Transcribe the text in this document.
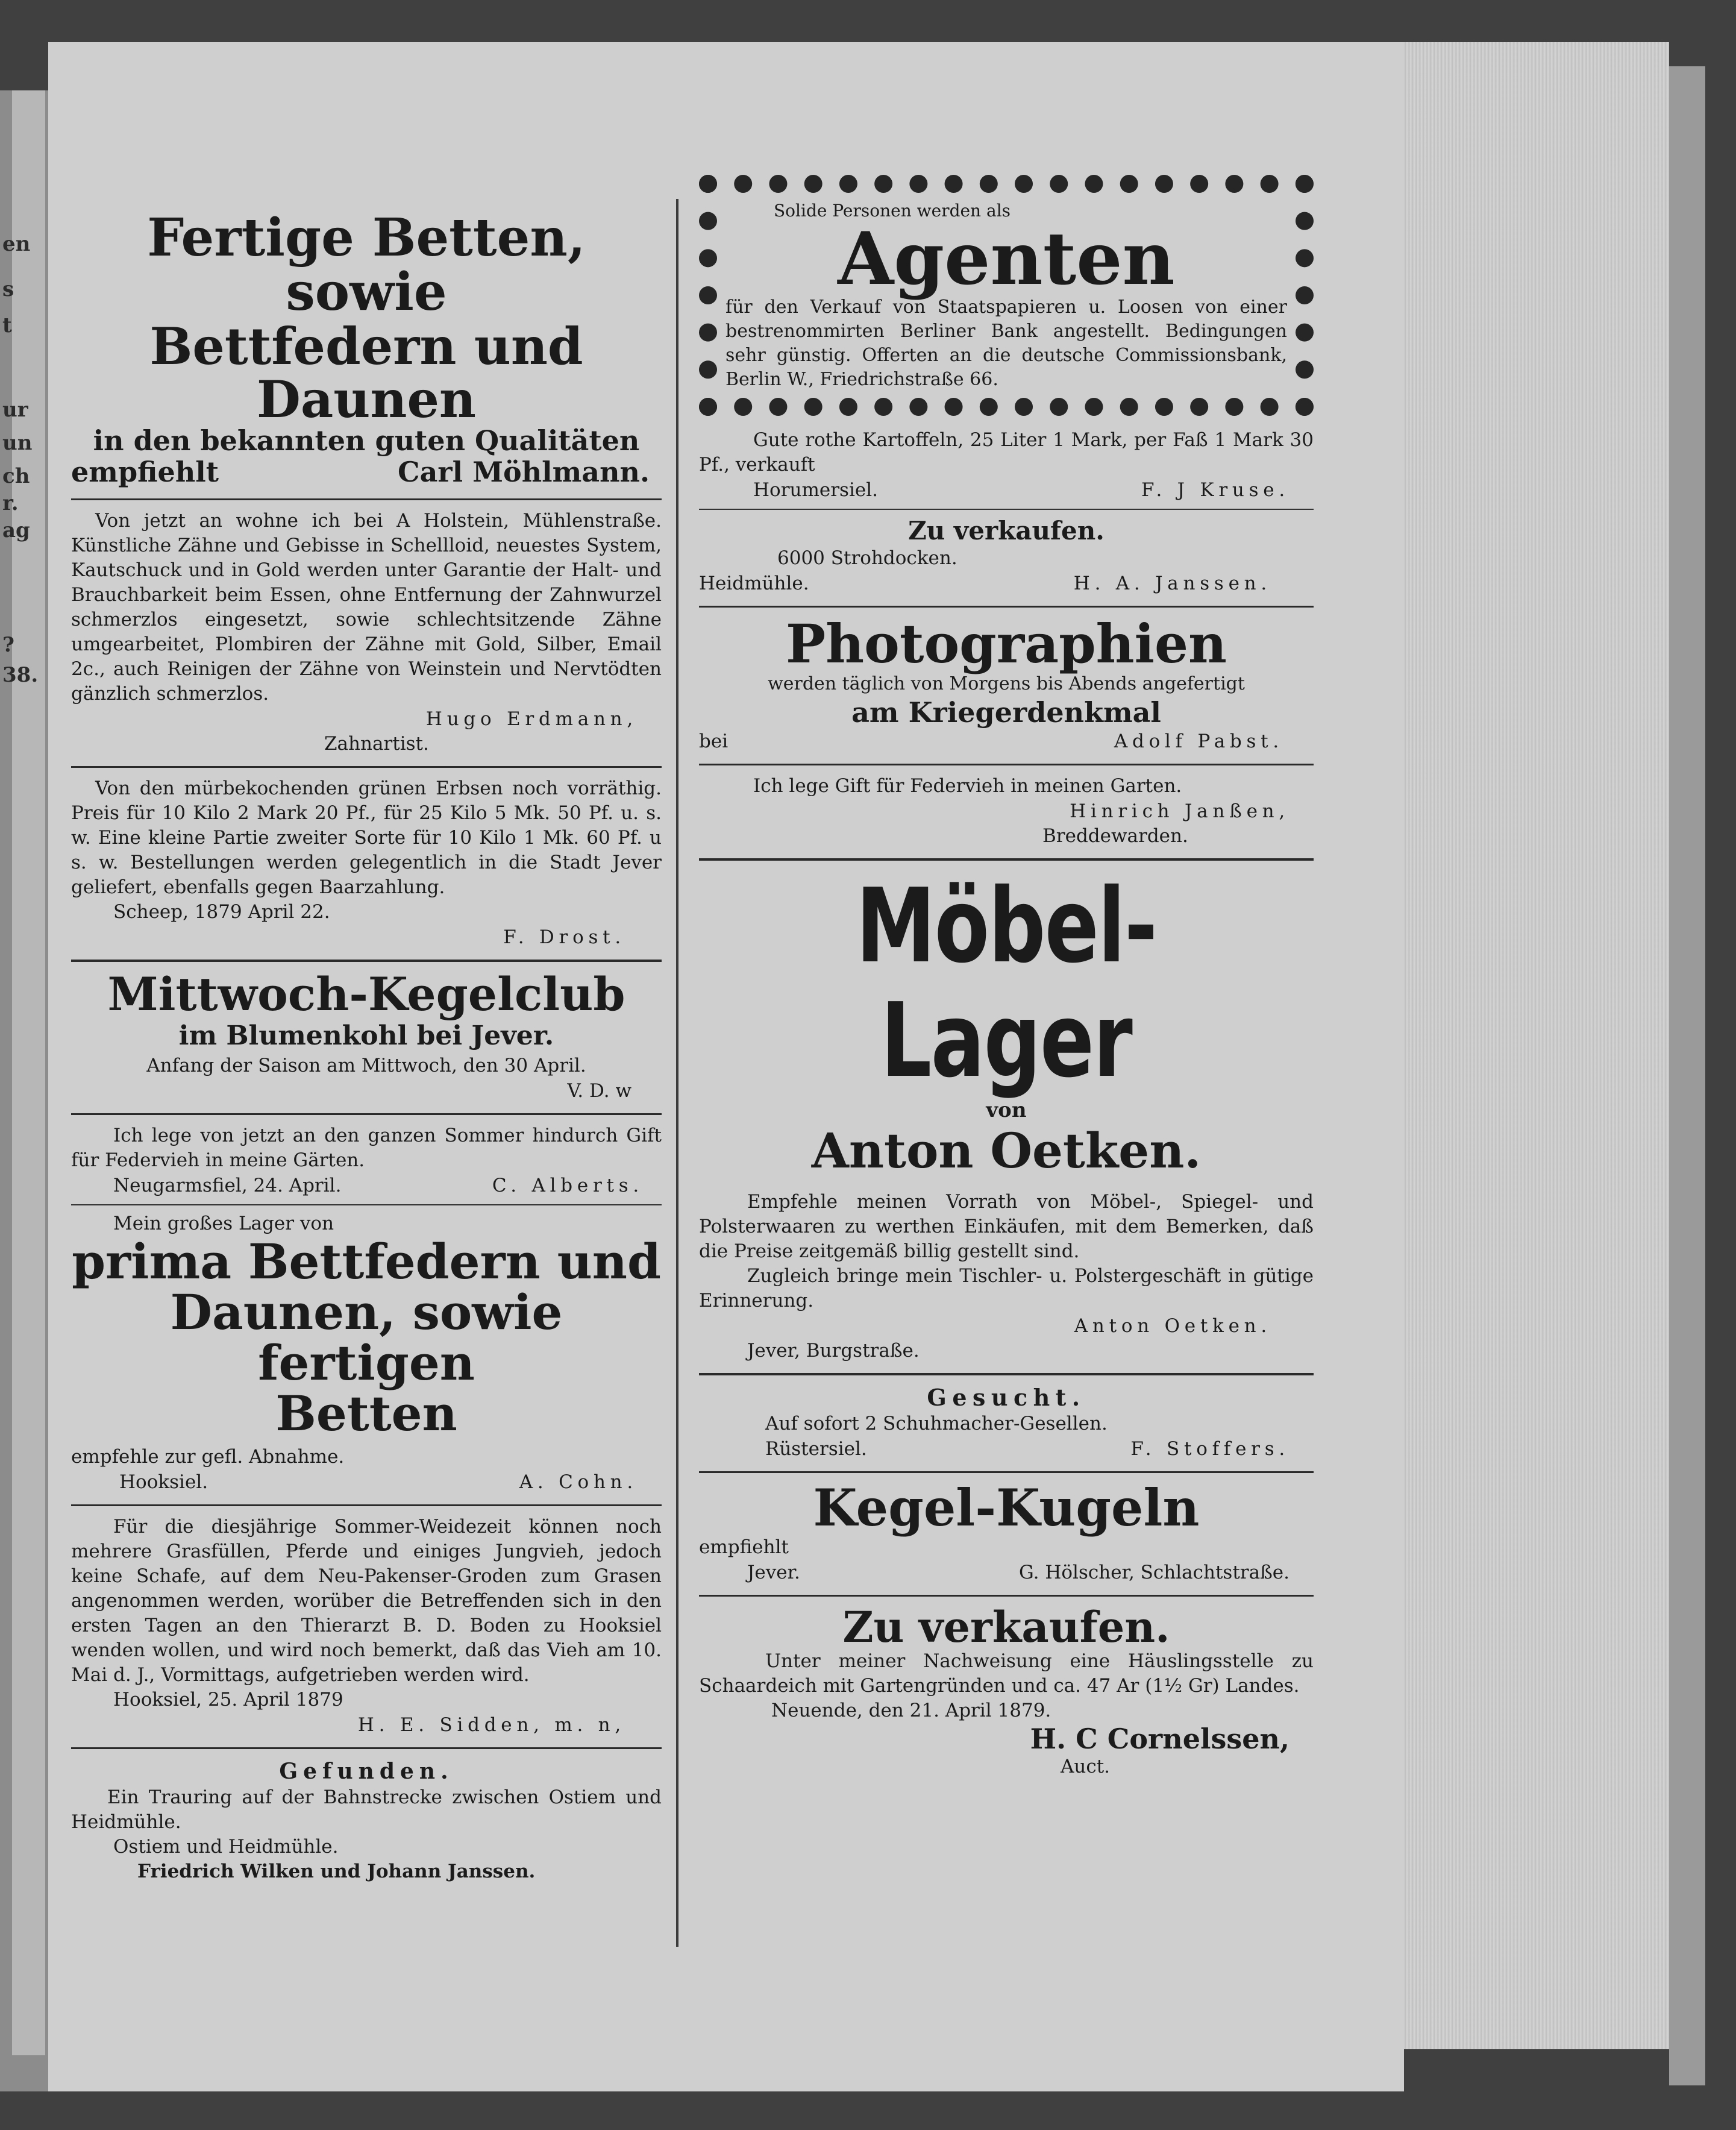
en
s
t
ur
un
ch
r.
ag
?
38.
Fertige Betten, sowie
Bettfedern und Daunen
in den bekannten guten Qualitäten
empfiehlt	Carl Möhlmann.
Von jetzt an wohne ich bei A Holstein, Mühlenstraße. Künstliche Zähne und Gebisse in Schellloid, neuestes System, Kautschuck und in Gold werden unter Garantie der Halt- und Brauchbarkeit beim Essen, ohne Entfernung der Zahnwurzel schmerzlos eingesetzt, sowie schlechtsitzende Zähne umgearbeitet, Plombiren der Zähne mit Gold, Silber, Email 2c., auch Reinigen der Zähne von Weinstein und Nervtödten gänzlich schmerzlos.
Hugo Erdmann,
Zahnartist.
Von den mürbekochenden grünen Erbsen noch vorräthig. Preis für 10 Kilo 2 Mark 20 Pf., für 25 Kilo 5 Mk. 50 Pf. u. s. w. Eine kleine Partie zweiter Sorte für 10 Kilo 1 Mk. 60 Pf. u s. w. Bestellungen werden gelegentlich in die Stadt Jever geliefert, ebenfalls gegen Baarzahlung.
Scheep, 1879 April 22.
F. Drost.
Mittwoch-Kegelclub
im Blumenkohl bei Jever.
Anfang der Saison am Mittwoch, den 30 April.
V. D. w
Ich lege von jetzt an den ganzen Sommer hindurch Gift für Federvieh in meine Gärten.
Neugarmsfiel, 24. April.	C. Alberts.
Mein großes Lager von
prima Bettfedern und
Daunen, sowie fertigen
Betten
empfehle zur gefl. Abnahme.
Hooksiel.	A. Cohn.
Für die diesjährige Sommer-Weidezeit können noch mehrere Grasfüllen, Pferde und einiges Jungvieh, jedoch keine Schafe, auf dem Neu-Pakenser-Groden zum Grasen angenommen werden, worüber die Betreffenden sich in den ersten Tagen an den Thierarzt B. D. Boden zu Hooksiel wenden wollen, und wird noch bemerkt, daß das Vieh am 10. Mai d. J., Vormittags, aufgetrieben werden wird.
Hooksiel, 25. April 1879
H. E. Sidden, m. n,
Gefunden.
Ein Trauring auf der Bahnstrecke zwischen Ostiem und Heidmühle.
Ostiem und Heidmühle.
Friedrich Wilken und Johann Janssen.
Solide Personen werden als
Agenten
für den Verkauf von Staatspapieren u. Loosen von einer bestrenommirten Berliner Bank angestellt. Bedingungen sehr günstig. Offerten an die deutsche Commissionsbank, Berlin W., Friedrichstraße 66.
Gute rothe Kartoffeln, 25 Liter 1 Mark, per Faß 1 Mark 30 Pf., verkauft
Horumersiel.	F. J Kruse.
Zu verkaufen.
6000 Strohdocken.
Heidmühle.	H. A. Janssen.
Photographien
werden täglich von Morgens bis Abends angefertigt
am Kriegerdenkmal
bei	Adolf Pabst.
Ich lege Gift für Federvieh in meinen Garten.
Hinrich Janßen,
Breddewarden.
Möbel-Lager
von
Anton Oetken.
Empfehle meinen Vorrath von Möbel-, Spiegel- und Polsterwaaren zu werthen Einkäufen, mit dem Bemerken, daß die Preise zeitgemäß billig gestellt sind.
Zugleich bringe mein Tischler- u. Polstergeschäft in gütige Erinnerung.
Anton Oetken.
Jever, Burgstraße.
Gesucht.
Auf sofort 2 Schuhmacher-Gesellen.
Rüstersiel.	F. Stoffers.
Kegel-Kugeln
empfiehlt
Jever.	G. Hölscher, Schlachtstraße.
Zu verkaufen.
Unter meiner Nachweisung eine Häuslingsstelle zu Schaardeich mit Gartengründen und ca. 47 Ar (1½ Gr) Landes.
Neuende, den 21. April 1879.
H. C Cornelssen,
Auct.
